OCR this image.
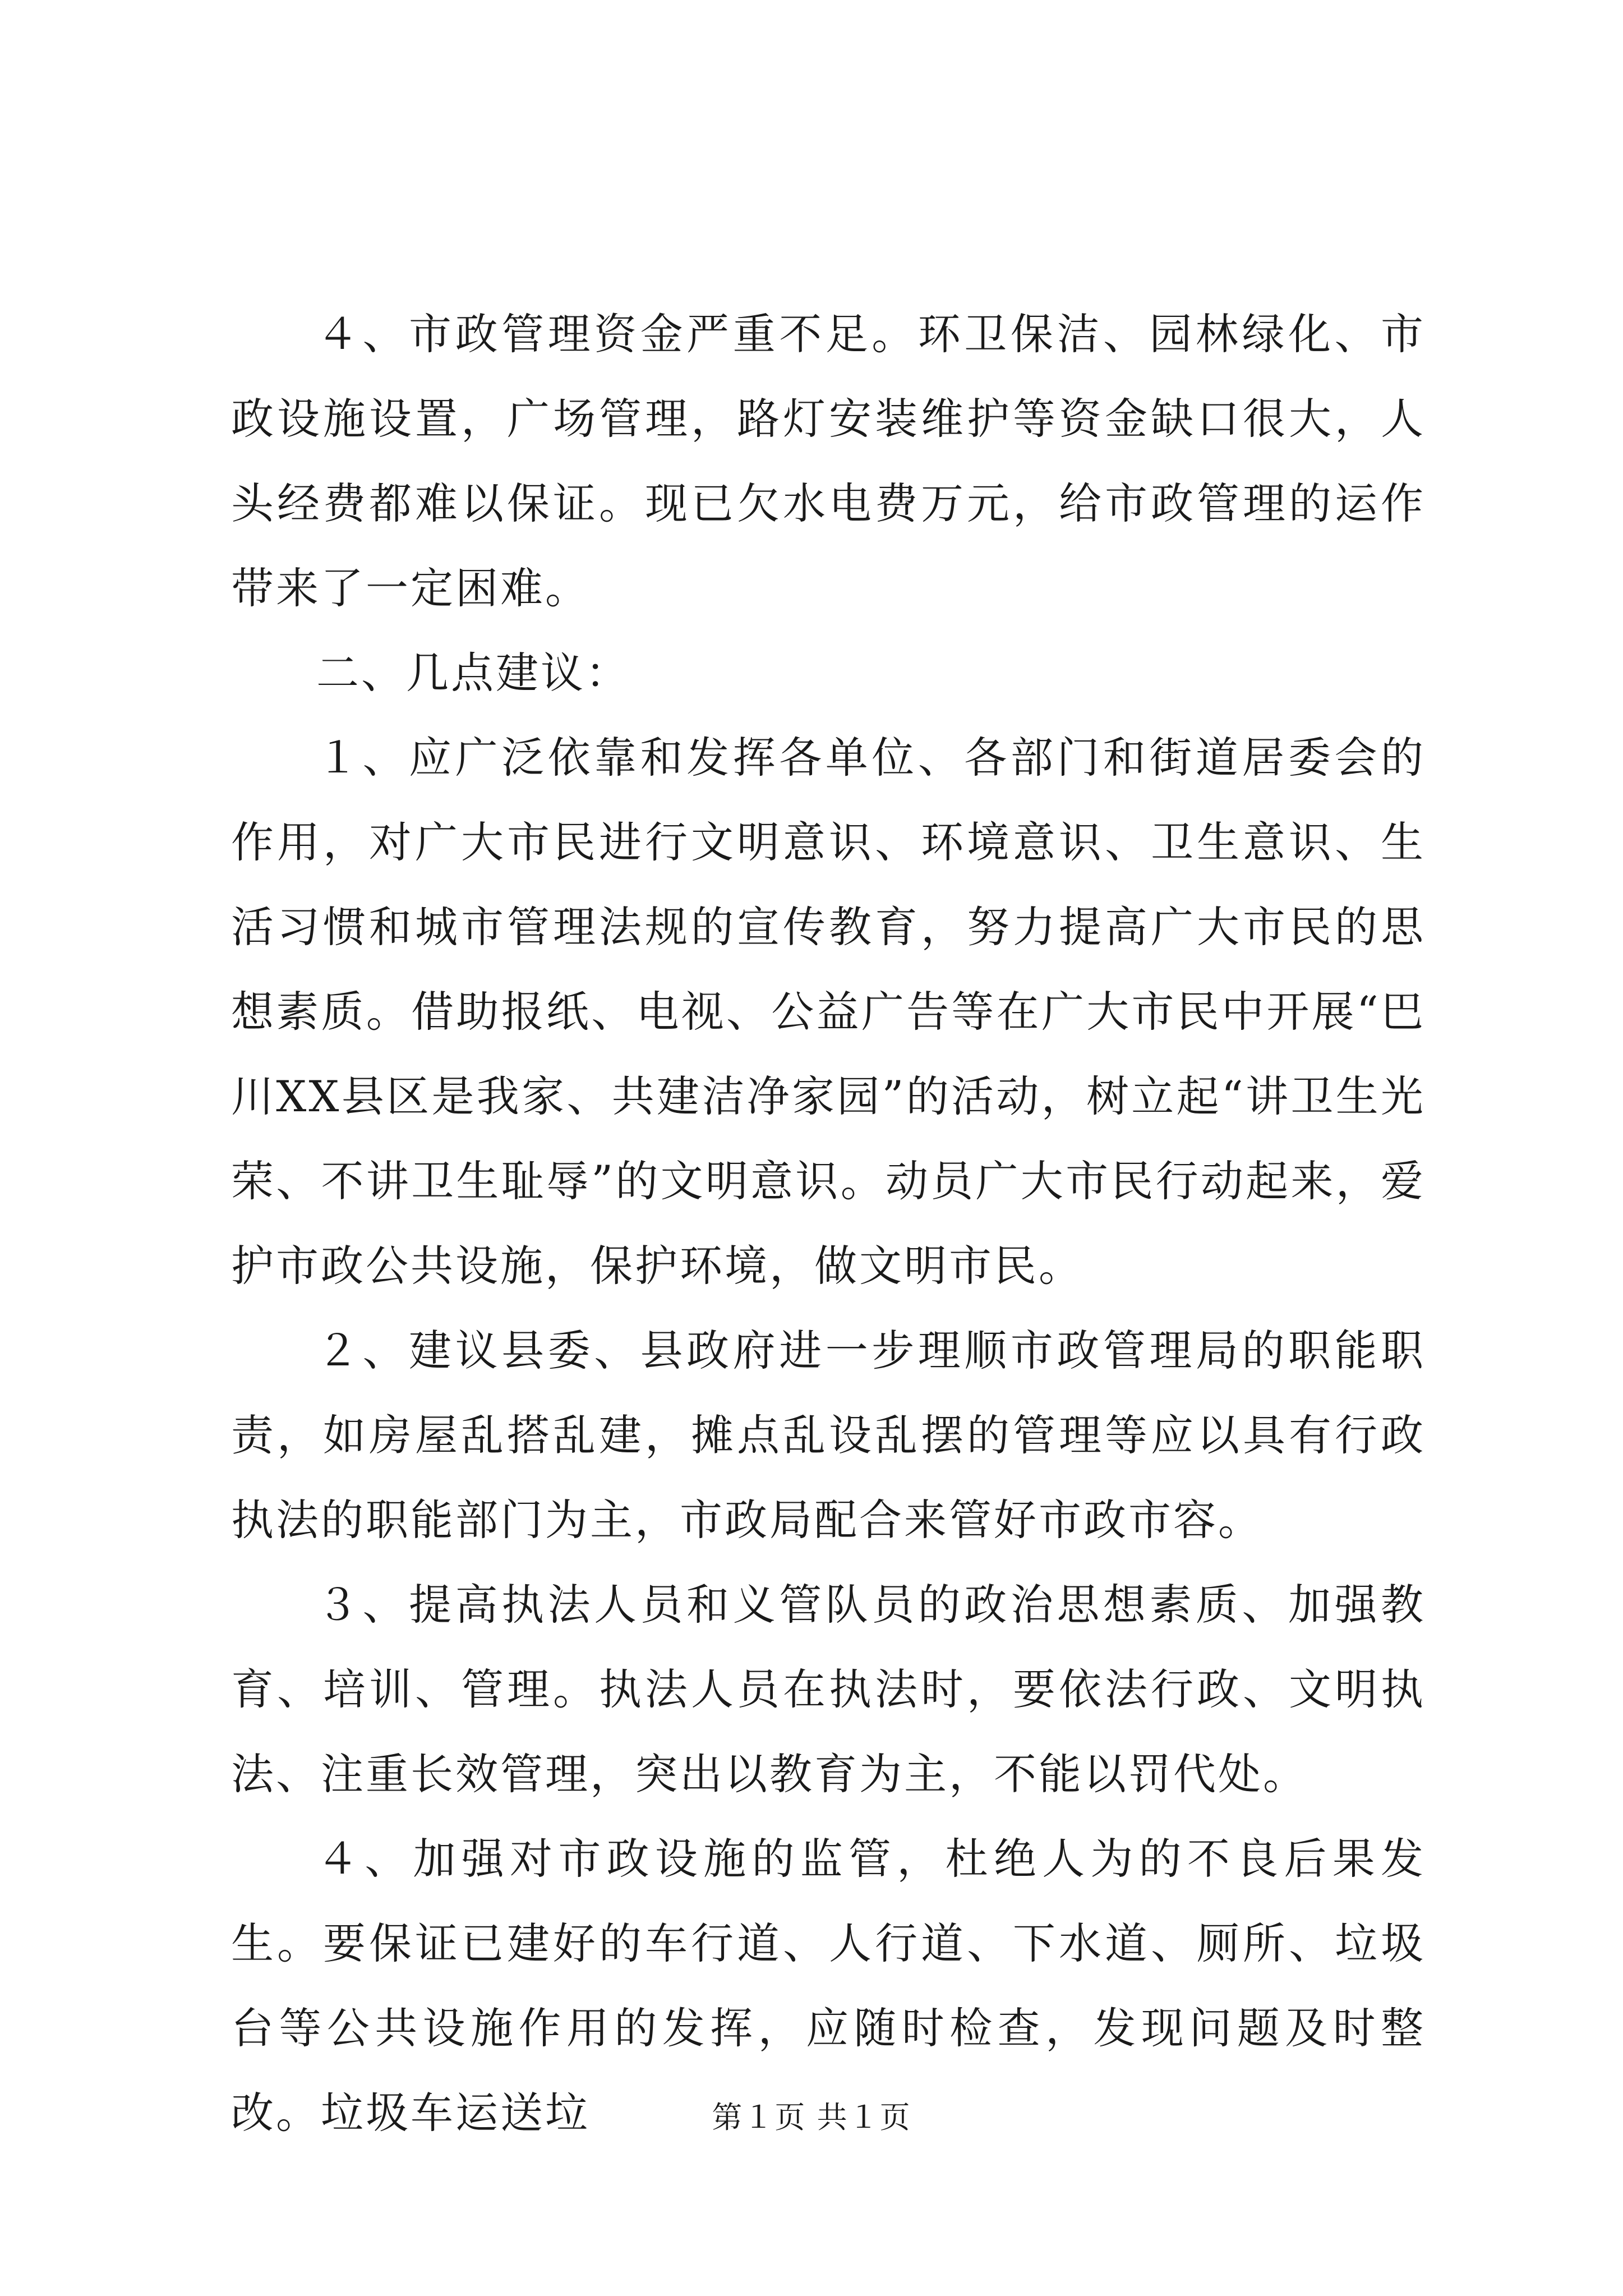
４、市政管理资金严重不足。环卫保洁、园林绿化、市政设施设置，广场管理，路灯安装维护等资金缺口很大，人头经费都难以保证。现已欠水电费万元，给市政管理的运作带来了一定困难。

二、几点建议：

１、应广泛依靠和发挥各单位、各部门和街道居委会的作用，对广大市民进行文明意识、环境意识、卫生意识、生活习惯和城市管理法规的宣传教育，努力提高广大市民的思想素质。借助报纸、电视、公益广告等在广大市民中开展“巴川XX县区是我家、共建洁净家园”的活动，树立起“讲卫生光荣、不讲卫生耻辱”的文明意识。动员广大市民行动起来，爱护市政公共设施，保护环境，做文明市民。

２、建议县委、县政府进一步理顺市政管理局的职能职责，如房屋乱搭乱建，摊点乱设乱摆的管理等应以具有行政执法的职能部门为主，市政局配合来管好市政市容。

３、提高执法人员和义管队员的政治思想素质、加强教育、培训、管理。执法人员在执法时，要依法行政、文明执法、注重长效管理，突出以教育为主，不能以罚代处。

４、加强对市政设施的监管，杜绝人为的不良后果发生。要保证已建好的车行道、人行道、下水道、厕所、垃圾台等公共设施作用的发挥，应随时检查，发现问题及时整改。垃圾车运送垃	第１页 共１页
